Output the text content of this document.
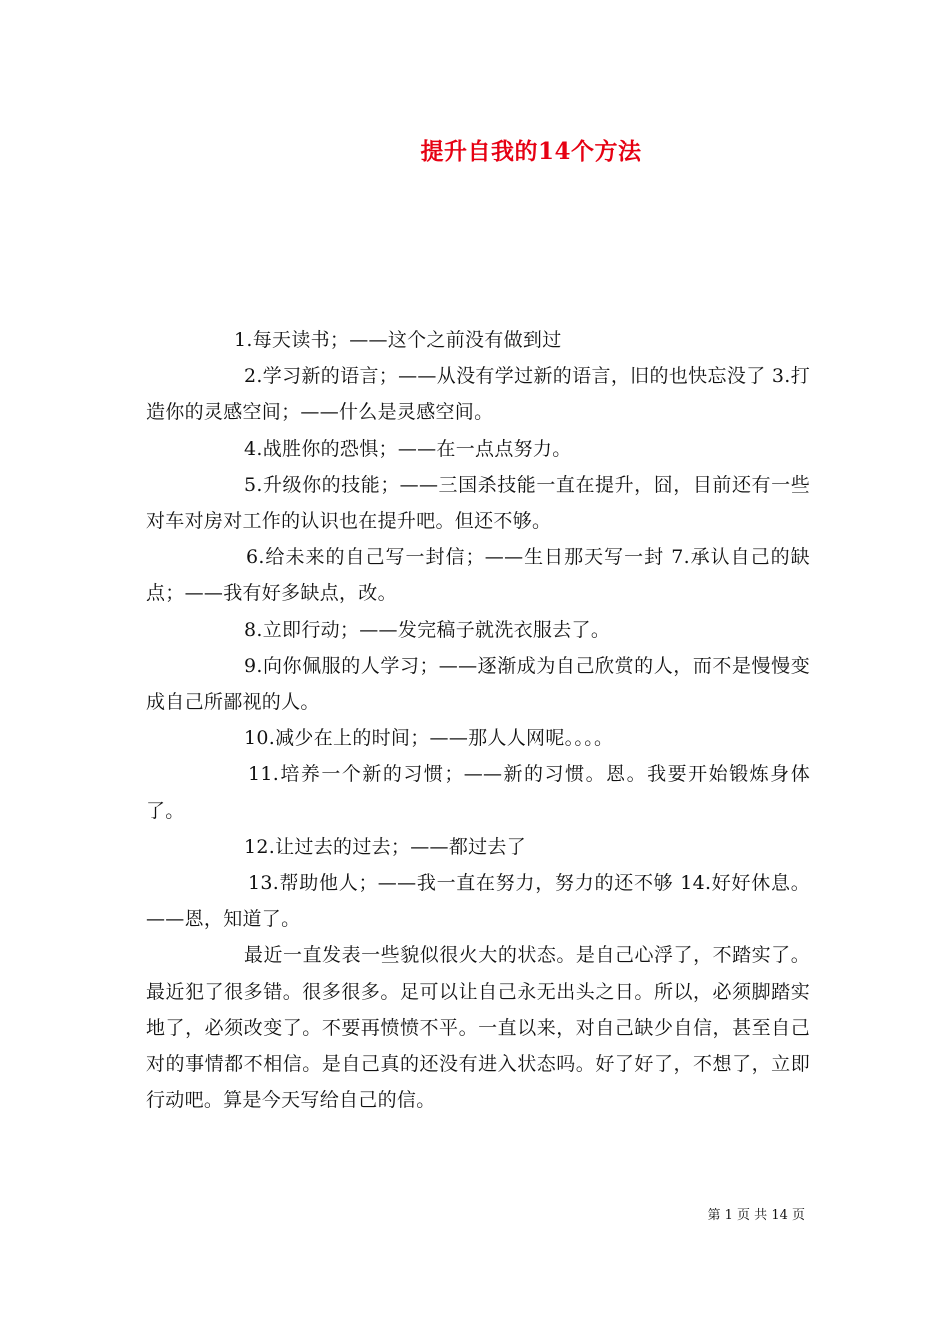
提升自我的14个方法

1.每天读书；——这个之前没有做到过

2.学习新的语言；——从没有学过新的语言，旧的也快忘没了 3.打造你的灵感空间；——什么是灵感空间。

4.战胜你的恐惧；——在一点点努力。

5.升级你的技能；——三国杀技能一直在提升，囧，目前还有一些对车对房对工作的认识也在提升吧。但还不够。

6.给未来的自己写一封信；——生日那天写一封 7.承认自己的缺点；——我有好多缺点，改。

8.立即行动；——发完稿子就洗衣服去了。

9.向你佩服的人学习；——逐渐成为自己欣赏的人，而不是慢慢变成自己所鄙视的人。

10.减少在上的时间；——那人人网呢。。。。

11.培养一个新的习惯；——新的习惯。恩。我要开始锻炼身体了。

12.让过去的过去；——都过去了

13.帮助他人；——我一直在努力，努力的还不够 14.好好休息。——恩，知道了。

最近一直发表一些貌似很火大的状态。是自己心浮了，不踏实了。最近犯了很多错。很多很多。足可以让自己永无出头之日。所以，必须脚踏实地了，必须改变了。不要再愤愤不平。一直以来，对自己缺少自信，甚至自己对的事情都不相信。是自己真的还没有进入状态吗。好了好了，不想了，立即行动吧。算是今天写给自己的信。

第 1 页 共 14 页
